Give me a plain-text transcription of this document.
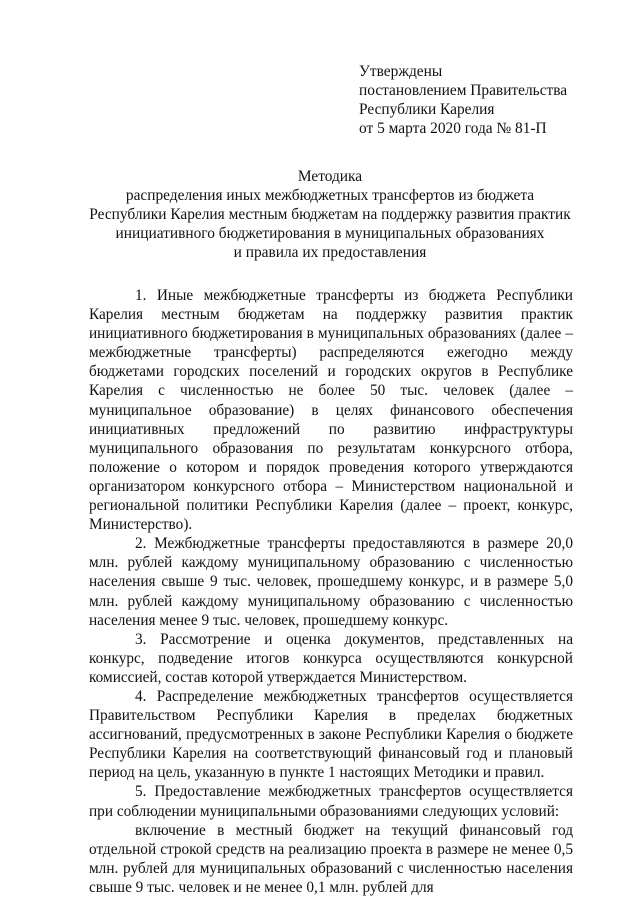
Утверждены
постановлением Правительства
Республики Карелия
от 5 марта 2020 года № 81-П
Методика
распределения иных межбюджетных трансфертов из бюджета
Республики Карелия местным бюджетам на поддержку развития практик
инициативного бюджетирования в муниципальных образованиях
и правила их предоставления

1. Иные межбюджетные трансферты из бюджета Республики Карелия местным бюджетам на поддержку развития практик инициативного бюджетирования в муниципальных образованиях (далее – межбюджетные трансферты) распределяются ежегодно между бюджетами городских поселений и городских округов в Республике Карелия с численностью не более 50 тыс. человек (далее – муниципальное образование) в целях финансового обеспечения инициативных предложений по развитию инфраструктуры муниципального образования по результатам конкурсного отбора, положение о котором и порядок проведения которого утверждаются организатором конкурсного отбора – Министерством национальной и региональной политики Республики Карелия (далее – проект, конкурс, Министерство).

2. Межбюджетные трансферты предоставляются в размере 20,0 млн. рублей каждому муниципальному образованию с численностью населения свыше 9 тыс. человек, прошедшему конкурс, и в размере 5,0 млн. рублей каждому муниципальному образованию с численностью населения менее 9 тыс. человек, прошедшему конкурс.

3. Рассмотрение и оценка документов, представленных на конкурс, подведение итогов конкурса осуществляются конкурсной комиссией, состав которой утверждается Министерством.

4. Распределение межбюджетных трансфертов осуществляется Правительством Республики Карелия в пределах бюджетных ассигнований, предусмотренных в законе Республики Карелия о бюджете Республики Карелия на соответствующий финансовый год и плановый период на цель, указанную в пункте 1 настоящих Методики и правил.

5. Предоставление межбюджетных трансфертов осуществляется при соблюдении муниципальными образованиями следующих условий:

включение в местный бюджет на текущий финансовый год отдельной строкой средств на реализацию проекта в размере не менее 0,5 млн. рублей для муниципальных образований с численностью населения свыше 9 тыс. человек и не менее 0,1 млн. рублей для
